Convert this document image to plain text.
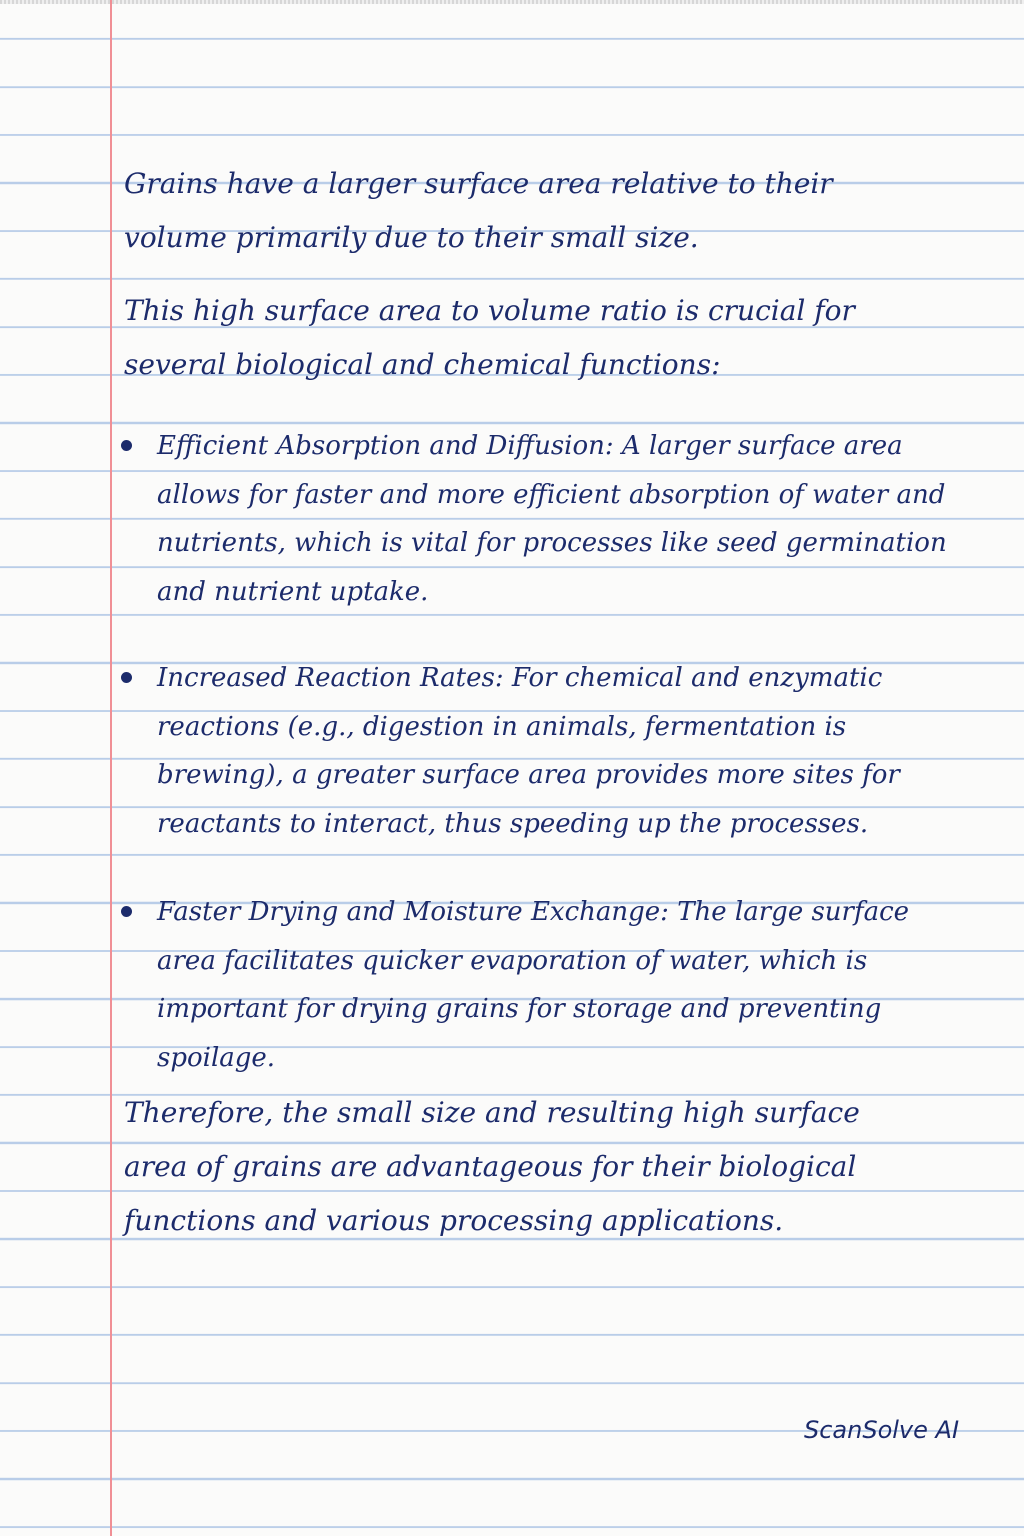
Grains have a larger surface area relative to their volume primarily due to their small size.

This high surface area to volume ratio is crucial for several biological and chemical functions:

Efficient Absorption and Diffusion: A larger surface area allows for faster and more efficient absorption of water and nutrients, which is vital for processes like seed germination and nutrient uptake.
Increased Reaction Rates: For chemical and enzymatic reactions (e.g., digestion in animals, fermentation is brewing), a greater surface area provides more sites for reactants to interact, thus speeding up the processes.
Faster Drying and Moisture Exchange: The large surface area facilitates quicker evaporation of water, which is important for drying grains for storage and preventing spoilage.

Therefore, the small size and resulting high surface area of grains are advantageous for their biological functions and various processing applications.

ScanSolve AI
